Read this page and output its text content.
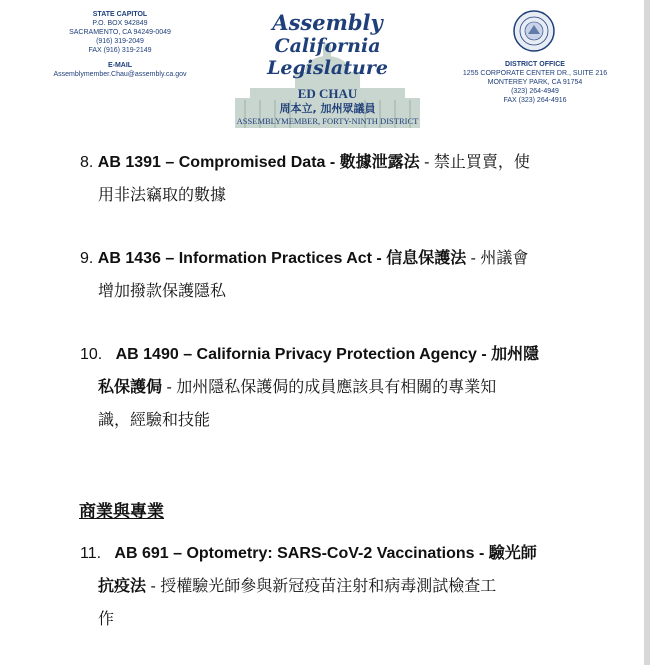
STATE CAPITOL
P.O. BOX 942849
SACRAMENTO, CA 94249-0049
(916) 319-2049
FAX (916) 319-2149
E-MAIL
Assemblymember.Chau@assembly.ca.gov
Assembly
California Legislature
ED CHAU
周本立, 加州眾議員
ASSEMBLYMEMBER, FORTY-NINTH DISTRICT
DISTRICT OFFICE
1255 CORPORATE CENTER DR., SUITE 216
MONTEREY PARK, CA 91754
(323) 264-4949
FAX (323) 264-4916
8. AB 1391 – Compromised Data - 數據泄露法 - 禁止買賣，使
用非法竊取的數據
9. AB 1436 – Information Practices Act - 信息保護法 - 州議會
增加撥款保護隱私
10. AB 1490 – California Privacy Protection Agency - 加州隱
私保護侷 - 加州隱私保護侷的成員應該具有相關的專業知
識，經驗和技能
商業與專業
11. AB 691 – Optometry: SARS-CoV-2 Vaccinations - 驗光師
抗疫法 - 授權驗光師參與新冠疫苗注射和病毒測試檢查工
作
